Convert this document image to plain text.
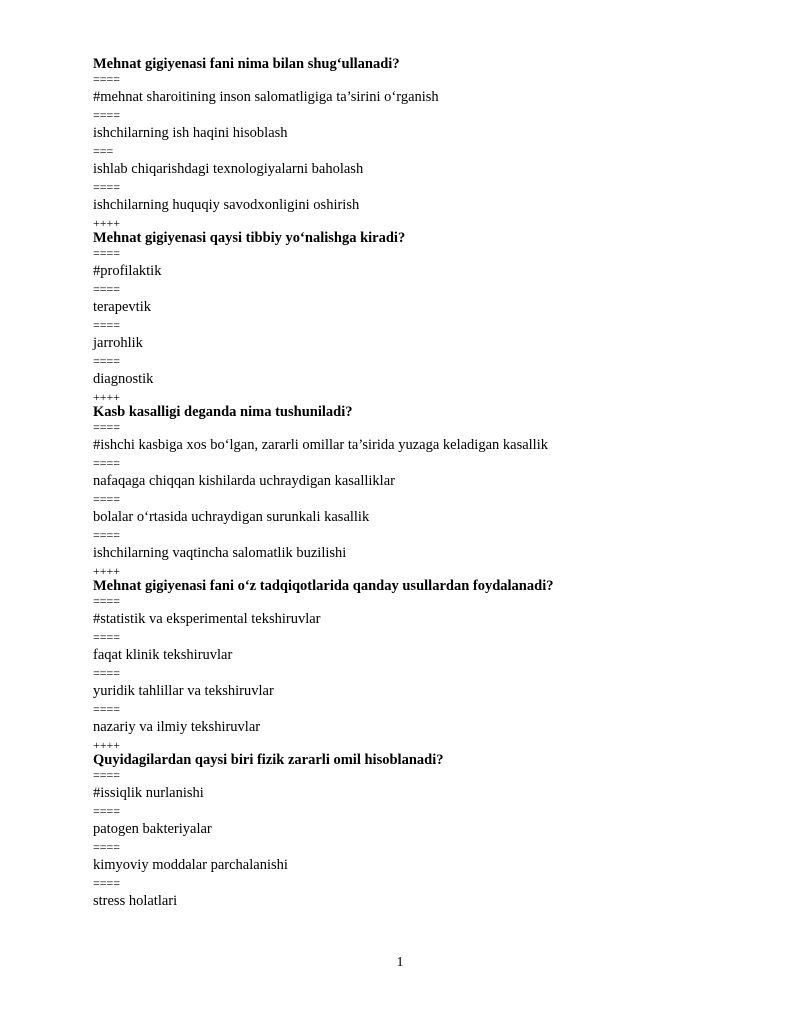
Mehnat gigiyenasi fani nima bilan shug‘ullanadi?
====
#mehnat sharoitining inson salomatligiga ta’sirini o‘rganish
====
ishchilarning ish haqini hisoblash
===
ishlab chiqarishdagi texnologiyalarni baholash
====
ishchilarning huquqiy savodxonligini oshirish
++++
Mehnat gigiyenasi qaysi tibbiy yo‘nalishga kiradi?
====
#profilaktik
====
terapevtik
====
jarrohlik
====
diagnostik
++++
Kasb kasalligi deganda nima tushuniladi?
====
#ishchi kasbiga xos bo‘lgan, zararli omillar ta’sirida yuzaga keladigan kasallik
====
nafaqaga chiqqan kishilarda uchraydigan kasalliklar
====
bolalar o‘rtasida uchraydigan surunkali kasallik
====
ishchilarning vaqtincha salomatlik buzilishi
++++
Mehnat gigiyenasi fani o‘z tadqiqotlarida qanday usullardan foydalanadi?
====
#statistik va eksperimental tekshiruvlar
====
faqat klinik tekshiruvlar
====
yuridik tahlillar va tekshiruvlar
====
nazariy va ilmiy tekshiruvlar
++++
Quyidagilardan qaysi biri fizik zararli omil hisoblanadi?
====
#issiqlik nurlanishi
====
patogen bakteriyalar
====
kimyoviy moddalar parchalanishi
====
stress holatlari
1
